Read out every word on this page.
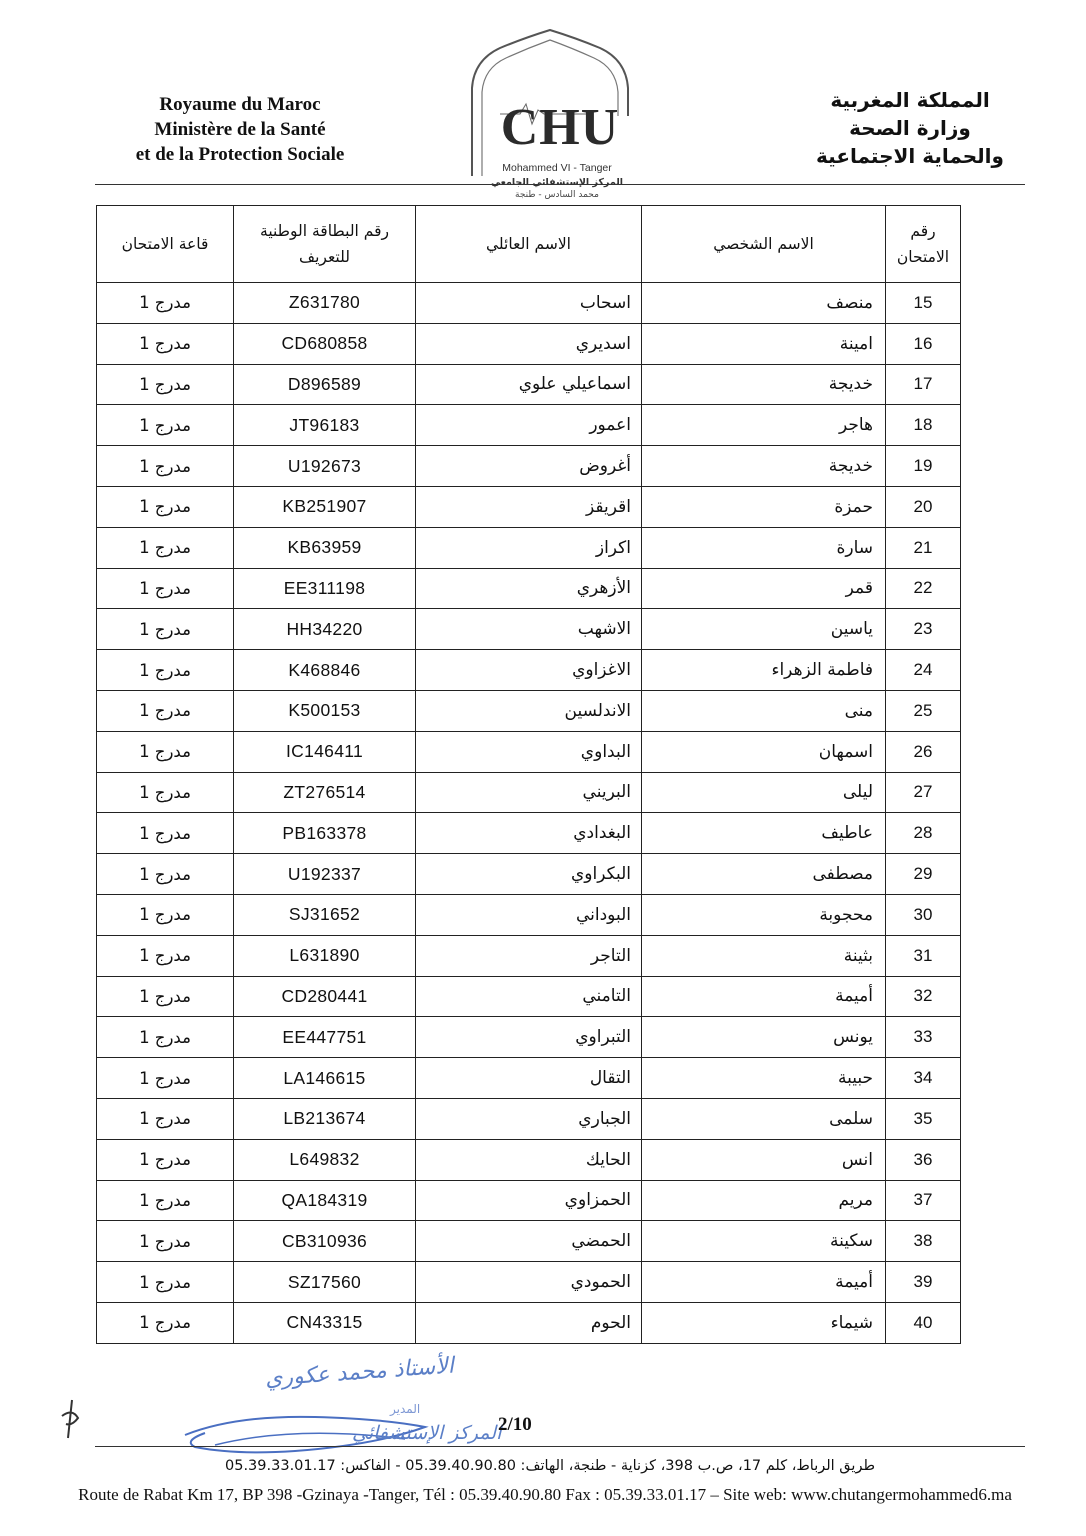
Royaume du Maroc
Ministère de la Santé
et de la Protection Sociale	CHU
Mohammed VI - Tanger
المركز الإستشفائي الجامعي
محمد السادس - طنجة
المملكة المغربية
وزارة الصحة
والحماية الاجتماعية
قاعة الامتحان	رقم البطاقة الوطنية للتعريف	الاسم العائلي	الاسم الشخصي	رقم الامتحان
مدرج 1	Z631780	اسحاب	منصف	15
مدرج 1	CD680858	اسديري	امينة	16
مدرج 1	D896589	اسماعيلي علوي	خديجة	17
مدرج 1	JT96183	اعمور	هاجر	18
مدرج 1	U192673	أغروض	خديجة	19
مدرج 1	KB251907	اقريقز	حمزة	20
مدرج 1	KB63959	اكراز	سارة	21
مدرج 1	EE311198	الأزهري	قمر	22
مدرج 1	HH34220	الاشهب	ياسين	23
مدرج 1	K468846	الاغزاوي	فاطمة الزهراء	24
مدرج 1	K500153	الاندلسين	منى	25
مدرج 1	IC146411	البداوي	اسمهان	26
مدرج 1	ZT276514	البريني	ليلى	27
مدرج 1	PB163378	البغدادي	عاطيف	28
مدرج 1	U192337	البكراوي	مصطفى	29
مدرج 1	SJ31652	البوداني	محجوبة	30
مدرج 1	L631890	التاجر	بثينة	31
مدرج 1	CD280441	التامني	أميمة	32
مدرج 1	EE447751	التبراوي	يونس	33
مدرج 1	LA146615	التقال	حبيبة	34
مدرج 1	LB213674	الجباري	سلمى	35
مدرج 1	L649832	الحايك	انس	36
مدرج 1	QA184319	الحمزاوي	مريم	37
مدرج 1	CB310936	الحمضي	سكينة	38
مدرج 1	SZ17560	الحمودي	أميمة	39
مدرج 1	CN43315	الحوم	شيماء	40
الأستاذ محمد عكوري
المدير
المركز الإستشفائي
2/10
طريق الرباط، كلم 17، ص.ب 398، كزناية - طنجة، الهاتف: 05.39.40.90.80 - الفاكس: 05.39.33.01.17
Route de Rabat Km 17, BP 398 -Gzinaya -Tanger, Tél : 05.39.40.90.80 Fax : 05.39.33.01.17 – Site web: www.chutangermohammed6.ma
